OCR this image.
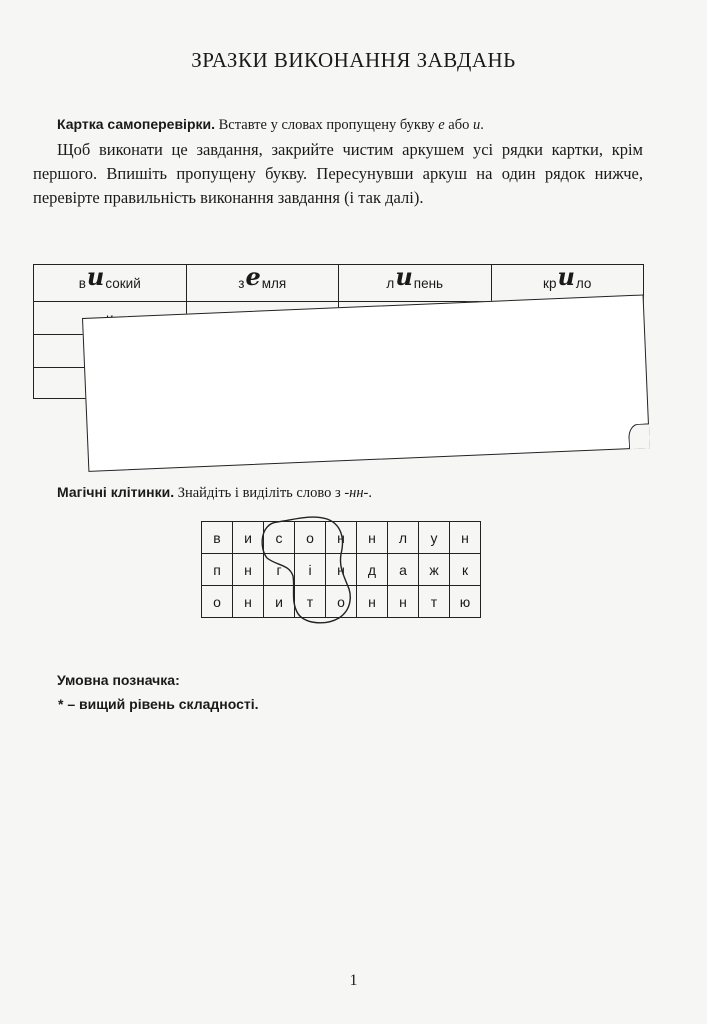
ЗРАЗКИ ВИКОНАННЯ ЗАВДАНЬ
Картка самоперевірки. Вставте у словах пропущену букву е або и.
Щоб виконати це завдання, закрийте чистим аркушем усі рядки картки, крім першого. Впишіть пропущену букву. Пересунувши аркуш на один рядок нижче, перевірте правильність виконання завдання (і так далі).
високий	земля	липень	крило

Магічні клітинки. Знайдіть і виділіть слово з -нн-.
в	и	с	о	н	н	л	у	н
п	н	г	і	н	д	а	ж	к
о	н	и	т	о	н	н	т	ю
Умовна позначка:
* – вищий рівень складності.
1
